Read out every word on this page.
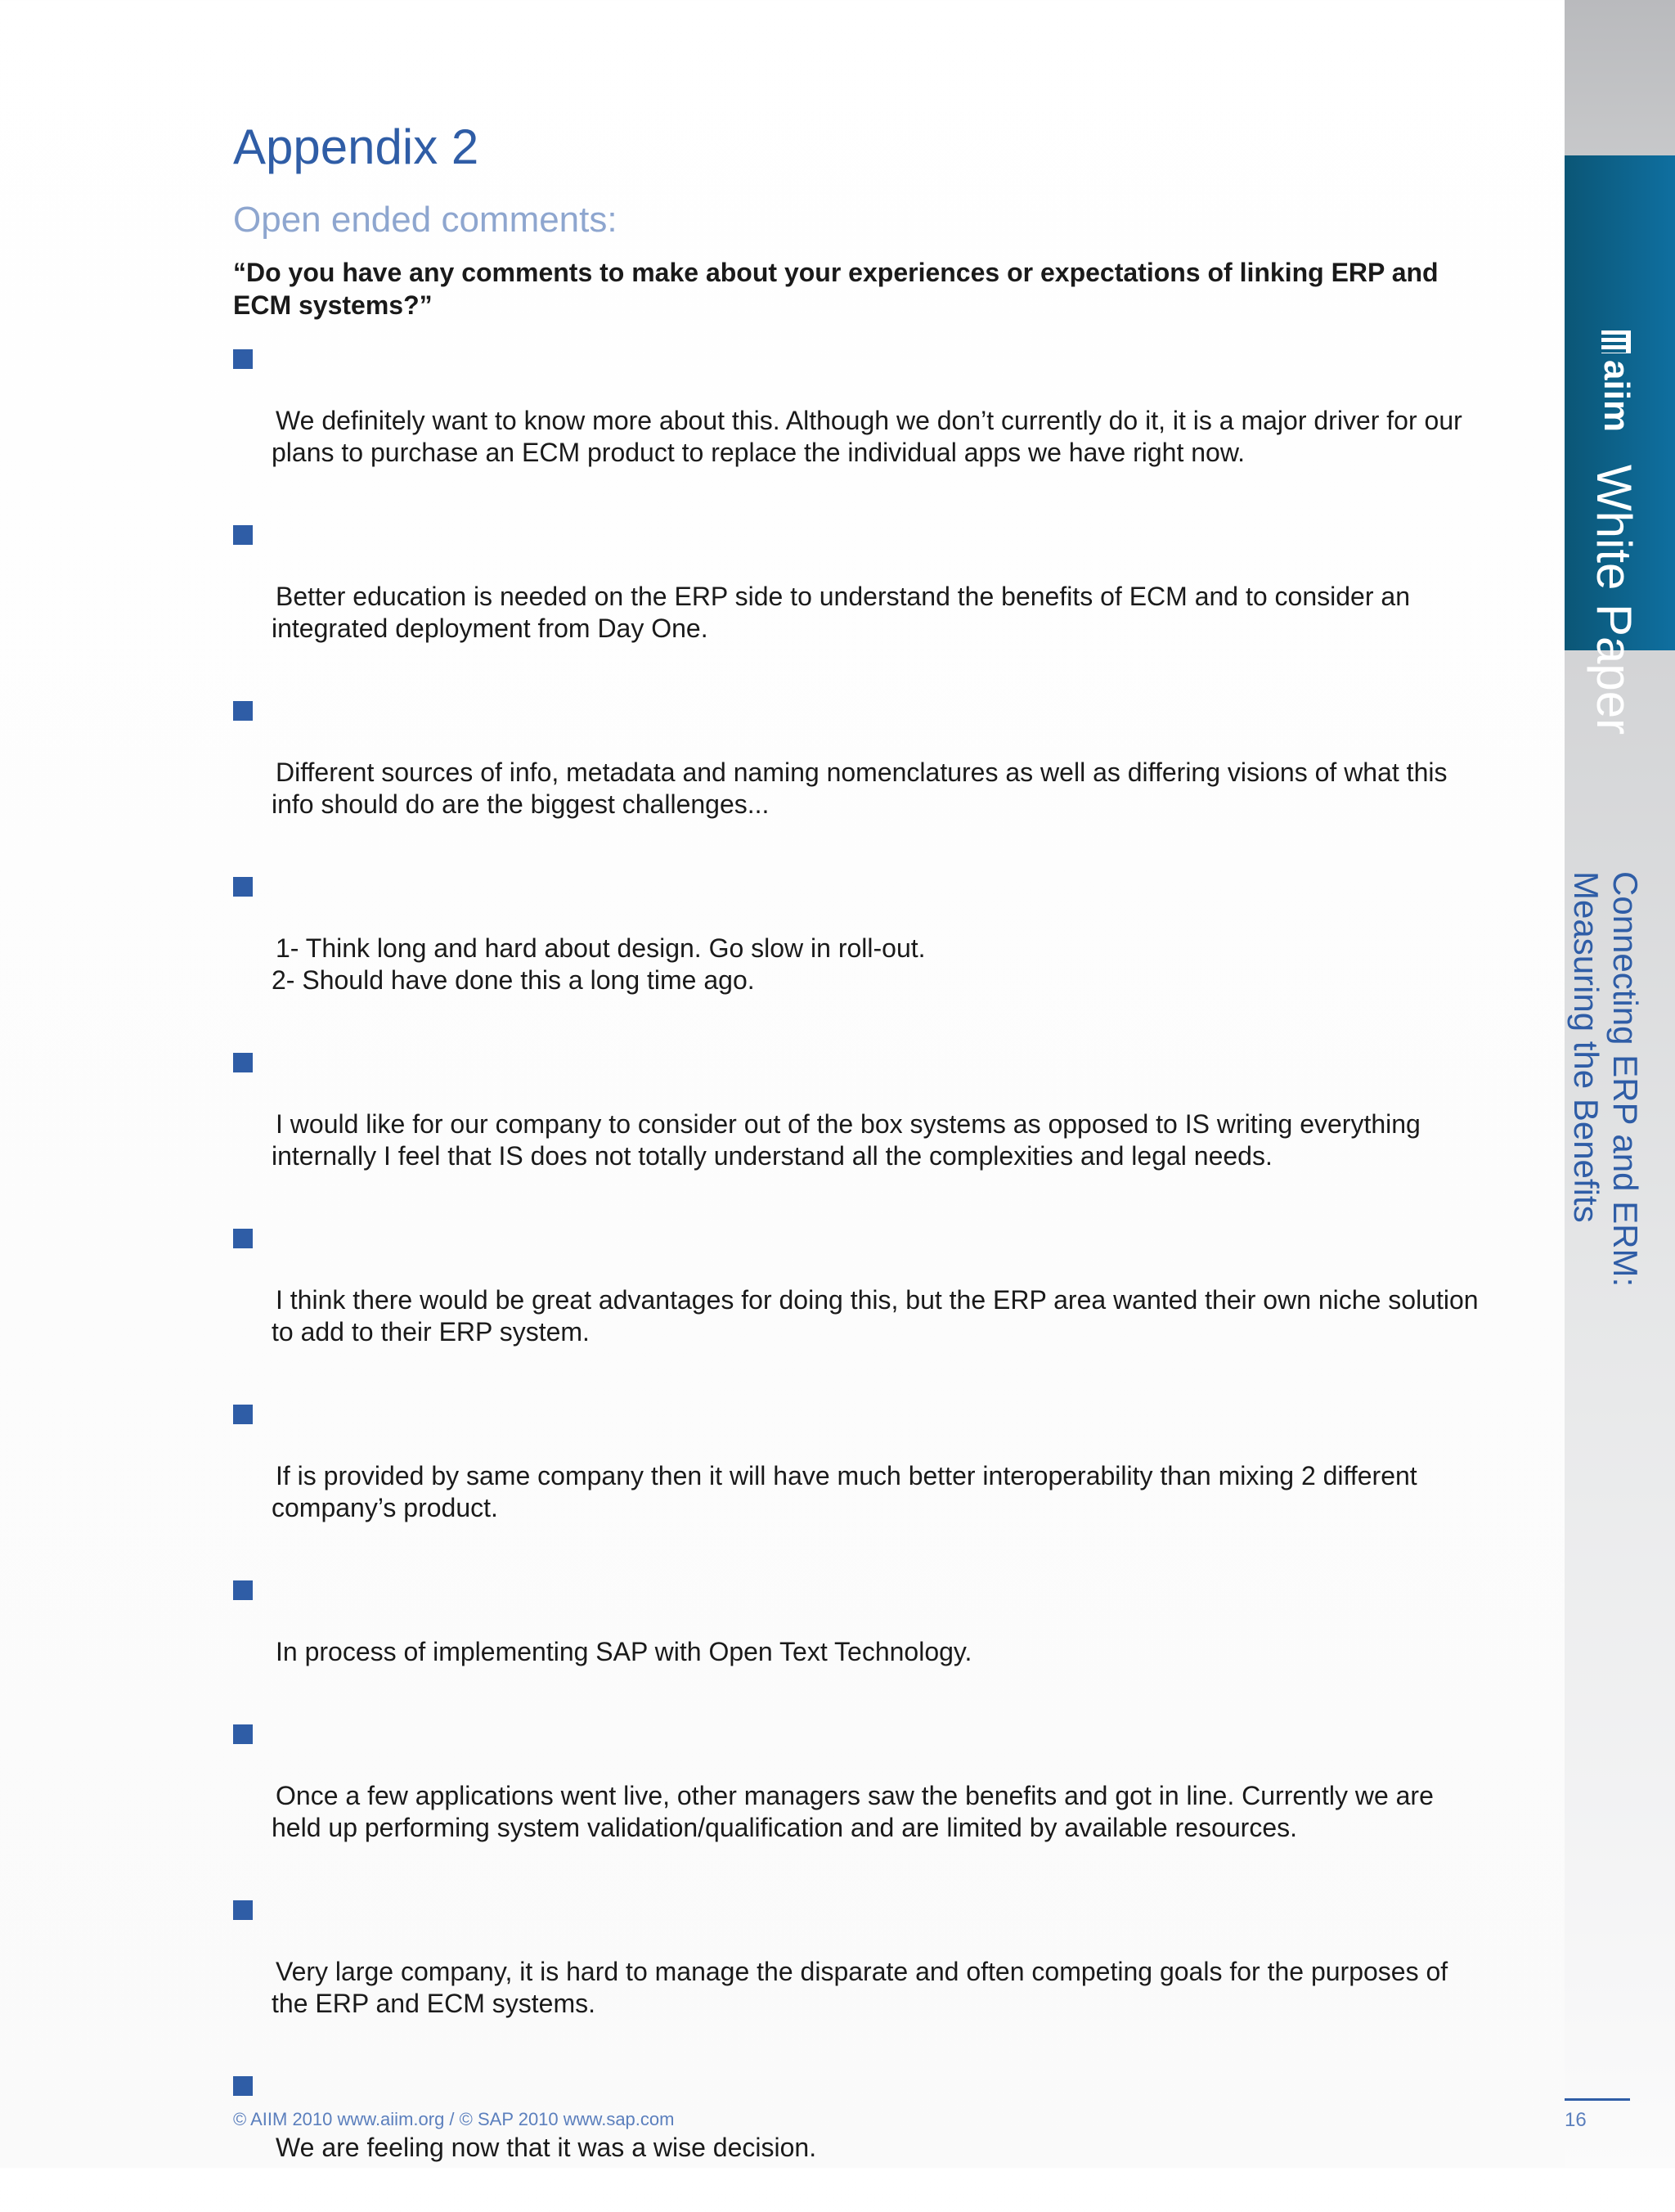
Appendix 2
Open ended comments:

“Do you have any comments to make about your experiences or expectations of linking ERP and ECM systems?”

We definitely want to know more about this. Although we don’t currently do it, it is a major driver for our plans to purchase an ECM product to replace the individual apps we have right now.

Better education is needed on the ERP side to understand the benefits of ECM and to consider an integrated deployment from Day One.

Different sources of info, metadata and naming nomenclatures as well as differing visions of what this info should do are the biggest challenges...

1- Think long and hard about design. Go slow in roll-out.
2- Should have done this a long time ago.

I would like for our company to consider out of the box systems as opposed to IS writing everything internally I feel that IS does not totally understand all the complexities and legal needs.

I think there would be great advantages for doing this, but the ERP area wanted their own niche solution to add to their ERP system.

If is provided by same company then it will have much better interoperability than mixing 2 different company’s product.

In process of implementing SAP with Open Text Technology.

Once a few applications went live, other managers saw the benefits and got in line. Currently we are held up performing system validation/qualification and are limited by available resources.

Very large company, it is hard to manage the disparate and often competing goals for the purposes of the ERP and ECM systems.

We are feeling now that it was a wise decision.

aiim
White Paper
Connecting ERP and ERM:
Measuring the Benefits
© AIIM 2010 www.aiim.org / © SAP 2010 www.sap.com	16
